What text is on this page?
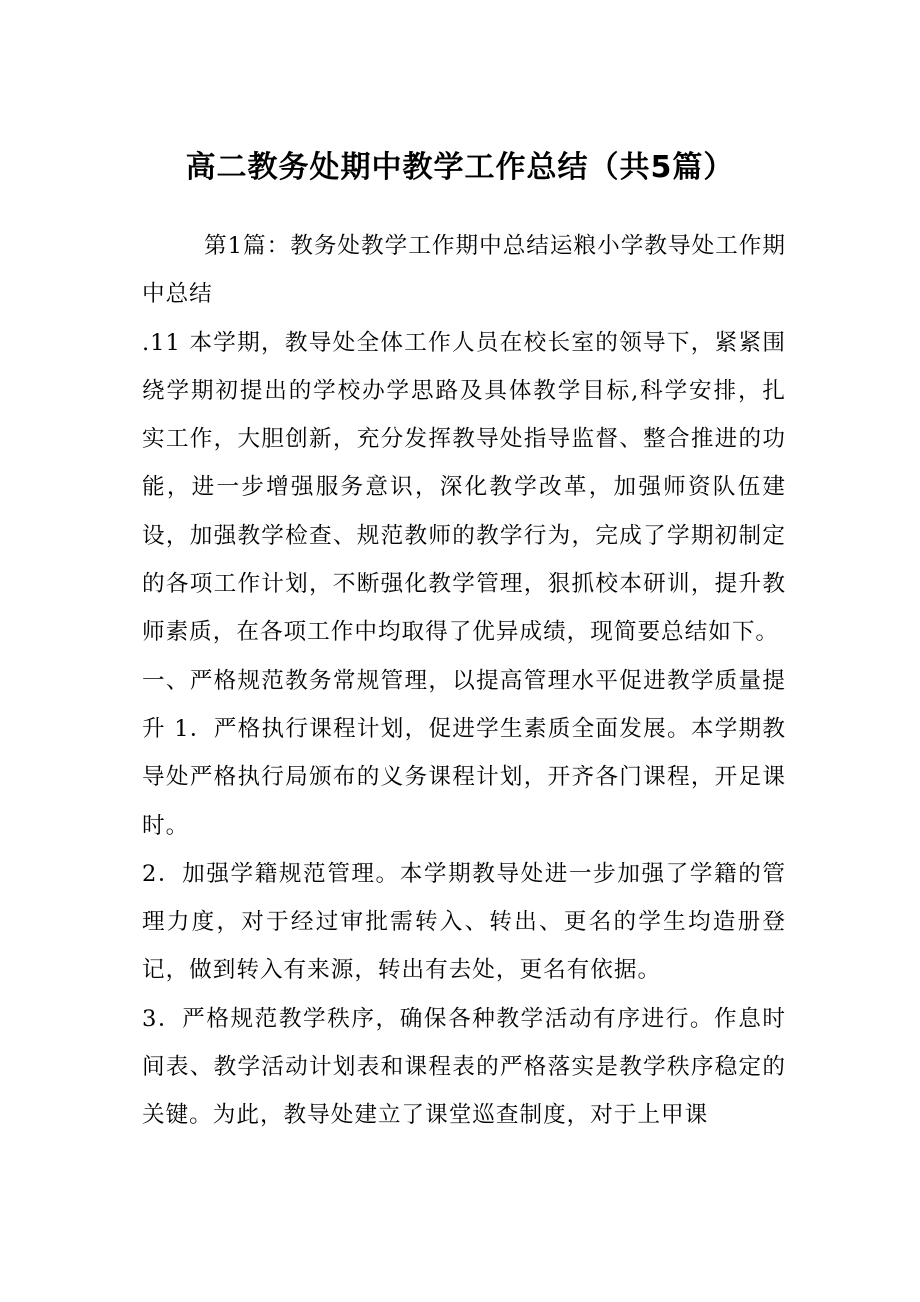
高二教务处期中教学工作总结（共5篇）

第1篇：教务处教学工作期中总结运粮小学教导处工作期中总结

.11 本学期，教导处全体工作人员在校长室的领导下，紧紧围绕学期初提出的学校办学思路及具体教学目标,科学安排，扎实工作，大胆创新，充分发挥教导处指导监督、整合推进的功能，进一步增强服务意识，深化教学改革，加强师资队伍建设，加强教学检查、规范教师的教学行为，完成了学期初制定的各项工作计划，不断强化教学管理，狠抓校本研训，提升教师素质，在各项工作中均取得了优异成绩，现简要总结如下。

一、严格规范教务常规管理，以提高管理水平促进教学质量提升 1．严格执行课程计划，促进学生素质全面发展。本学期教导处严格执行局颁布的义务课程计划，开齐各门课程，开足课时。

2．加强学籍规范管理。本学期教导处进一步加强了学籍的管理力度，对于经过审批需转入、转出、更名的学生均造册登记，做到转入有来源，转出有去处，更名有依据。

3．严格规范教学秩序，确保各种教学活动有序进行。作息时间表、教学活动计划表和课程表的严格落实是教学秩序稳定的关键。为此，教导处建立了课堂巡查制度，对于上甲课
